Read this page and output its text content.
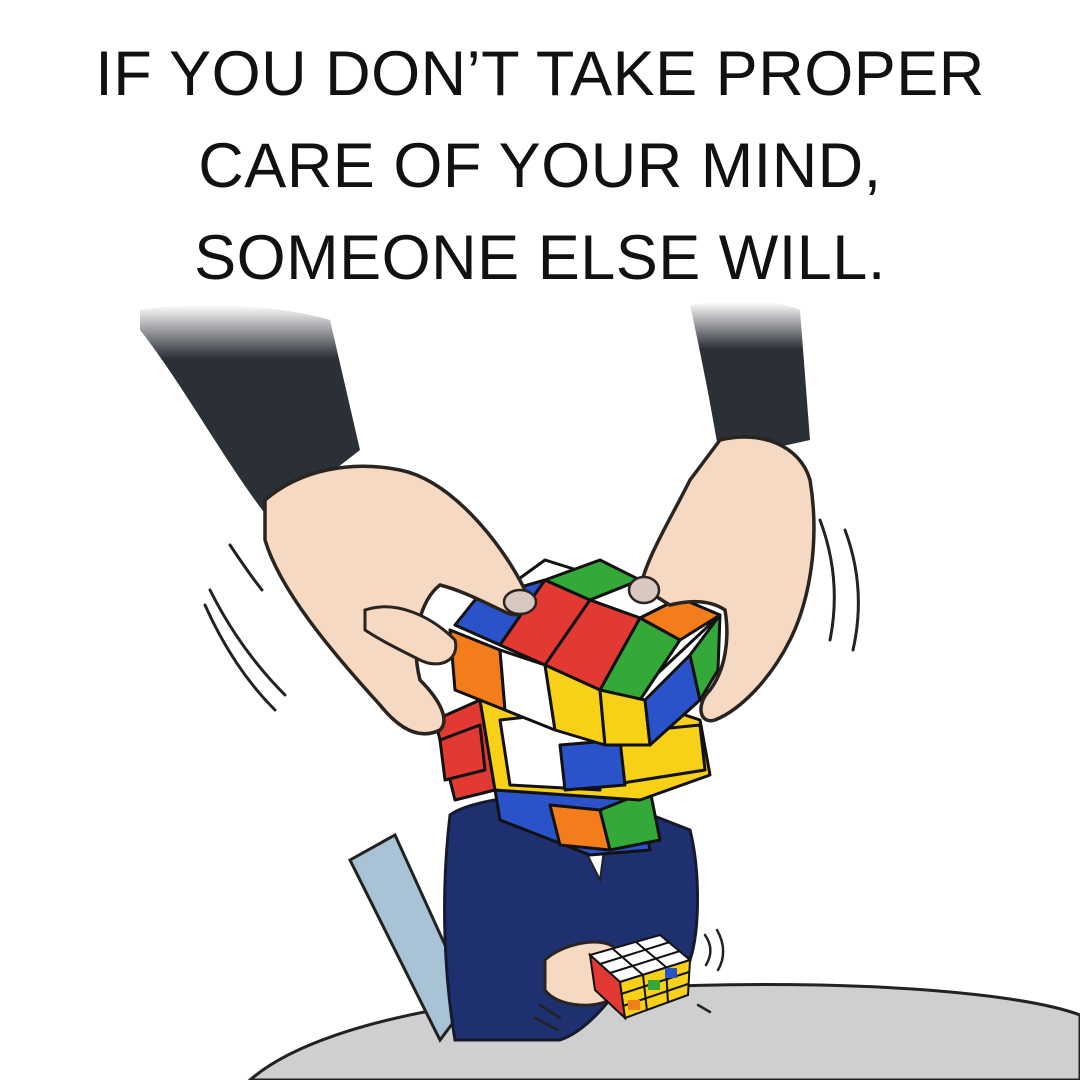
IF YOU DON’T TAKE PROPER
CARE OF YOUR MIND,
SOMEONE ELSE WILL.
